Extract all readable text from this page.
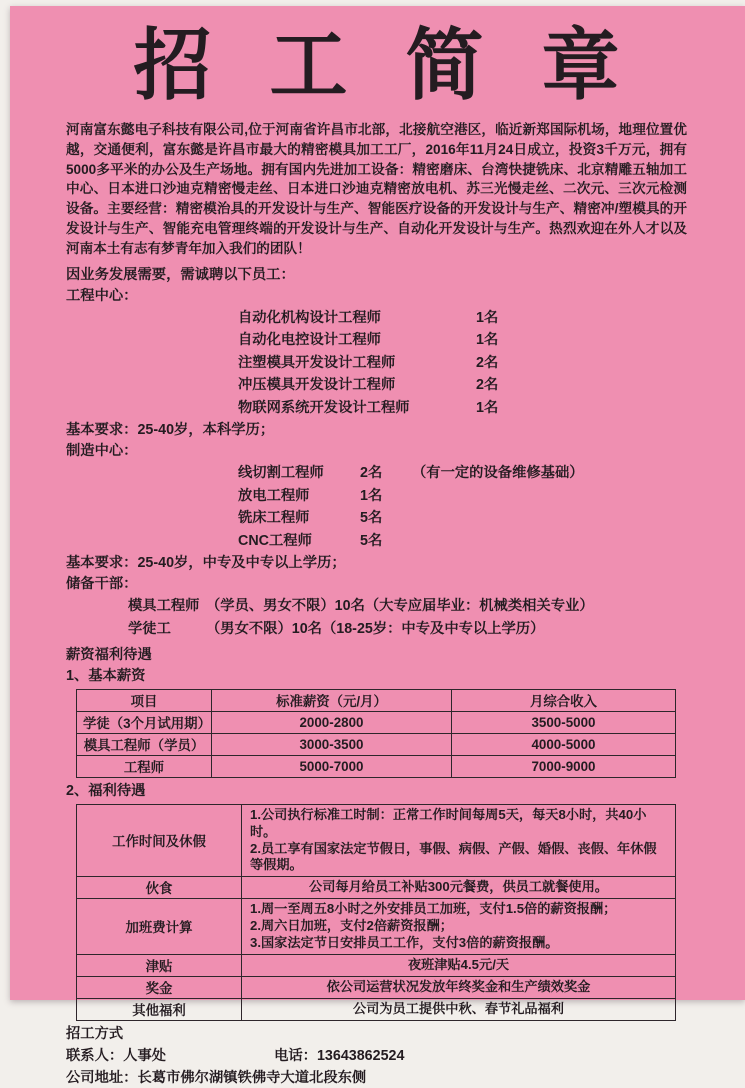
招工简章

河南富东懿电子科技有限公司,位于河南省许昌市北部，北接航空港区，临近新郑国际机场，地理位置优越，交通便利，富东懿是许昌市最大的精密模具加工工厂，2016年11月24日成立，投资3千万元，拥有5000多平米的办公及生产场地。拥有国内先进加工设备：精密磨床、台湾快捷铣床、北京精雕五轴加工中心、日本进口沙迪克精密慢走丝、日本进口沙迪克精密放电机、苏三光慢走丝、二次元、三次元检测设备。主要经营：精密模治具的开发设计与生产、智能医疗设备的开发设计与生产、精密冲/塑模具的开发设计与生产、智能充电管理终端的开发设计与生产、自动化开发设计与生产。热烈欢迎在外人才以及河南本土有志有梦青年加入我们的团队！

因业务发展需要，需诚聘以下员工：

工程中心：

自动化机构设计工程师	1名
自动化电控设计工程师	1名
注塑模具开发设计工程师	2名
冲压模具开发设计工程师	2名
物联网系统开发设计工程师	1名

基本要求：25-40岁，本科学历；

制造中心：

线切割工程师	2名	（有一定的设备维修基础）
放电工程师	1名
铣床工程师	5名
CNC工程师	5名

基本要求：25-40岁，中专及中专以上学历；

储备干部：

模具工程师 （学员、男女不限）10名（大专应届毕业：机械类相关专业）
学徒工	（男女不限）10名（18-25岁：中专及中专以上学历）

薪资福利待遇

1、基本薪资

项目	标准薪资（元/月）	月综合收入
学徒（3个月试用期）	2000-2800	3500-5000
模具工程师（学员）	3000-3500	4000-5000
工程师	5000-7000	7000-9000

2、福利待遇

工作时间及休假	1.公司执行标准工时制：正常工作时间每周5天，每天8小时，共40小时。
2.员工享有国家法定节假日，事假、病假、产假、婚假、丧假、年休假等假期。

伙食	公司每月给员工补贴300元餐费，供员工就餐使用。

加班费计算	1.周一至周五8小时之外安排员工加班，支付1.5倍的薪资报酬；
2.周六日加班，支付2倍薪资报酬；
3.国家法定节日安排员工工作，支付3倍的薪资报酬。

津贴	夜班津贴4.5元/天

奖金	依公司运营状况发放年终奖金和生产绩效奖金

其他福利	公司为员工提供中秋、春节礼品福利

招工方式

联系人：人事处	电话：13643862524

公司地址：长葛市佛尔湖镇铁佛寺大道北段东侧
